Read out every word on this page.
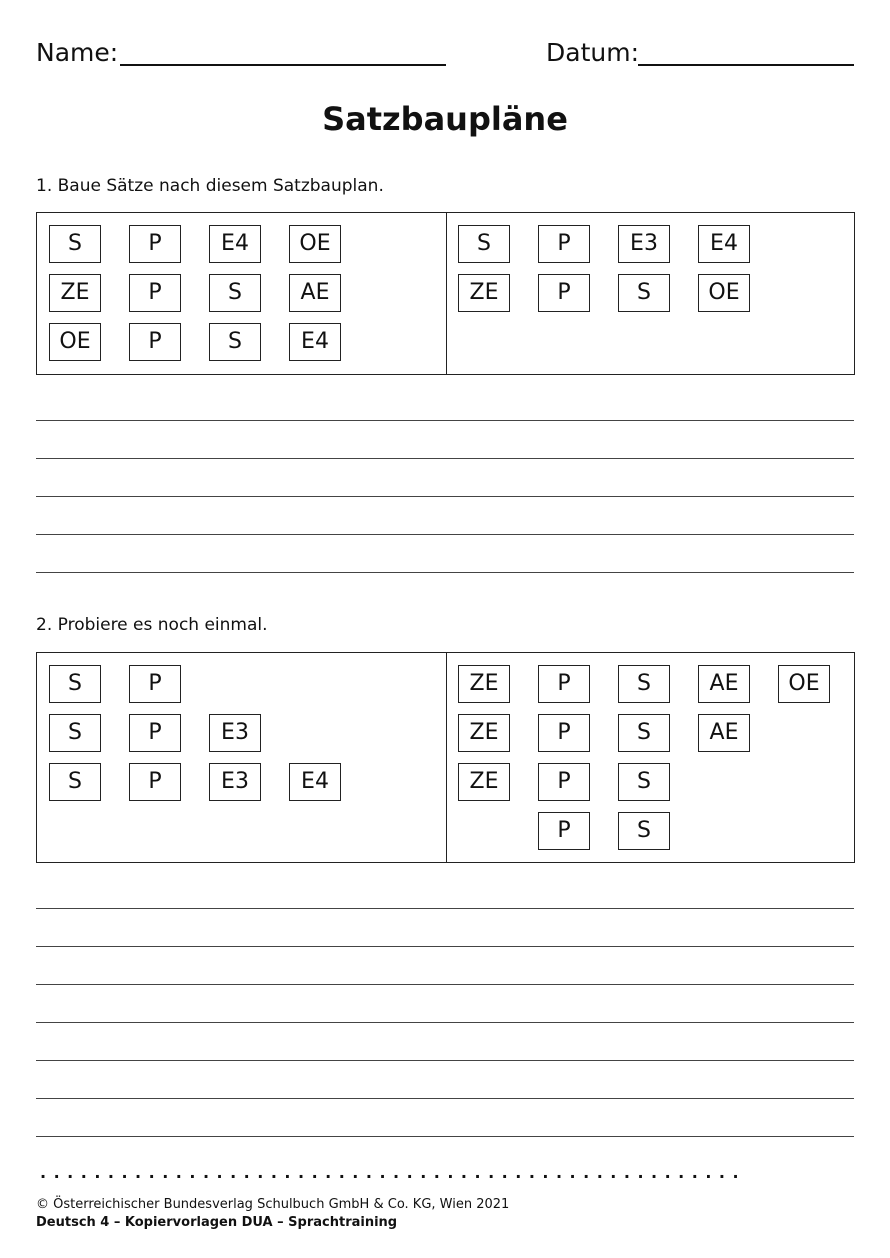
Name:	Datum:
Satzbaupläne
1. Baue Sätze nach diesem Satzbauplan.
S	P	E4	OE
ZE	P	S	AE
OE	P	S	E4
S	P	E3	E4
ZE	P	S	OE
2. Probiere es noch einmal.
S	P
S	P	E3
S	P	E3	E4
ZE	P	S	AE	OE
ZE	P	S	AE
ZE	P	S
P	S
....................................................
© Österreichischer Bundesverlag Schulbuch GmbH & Co. KG, Wien 2021
Deutsch 4 – Kopiervorlagen DUA – Sprachtraining
